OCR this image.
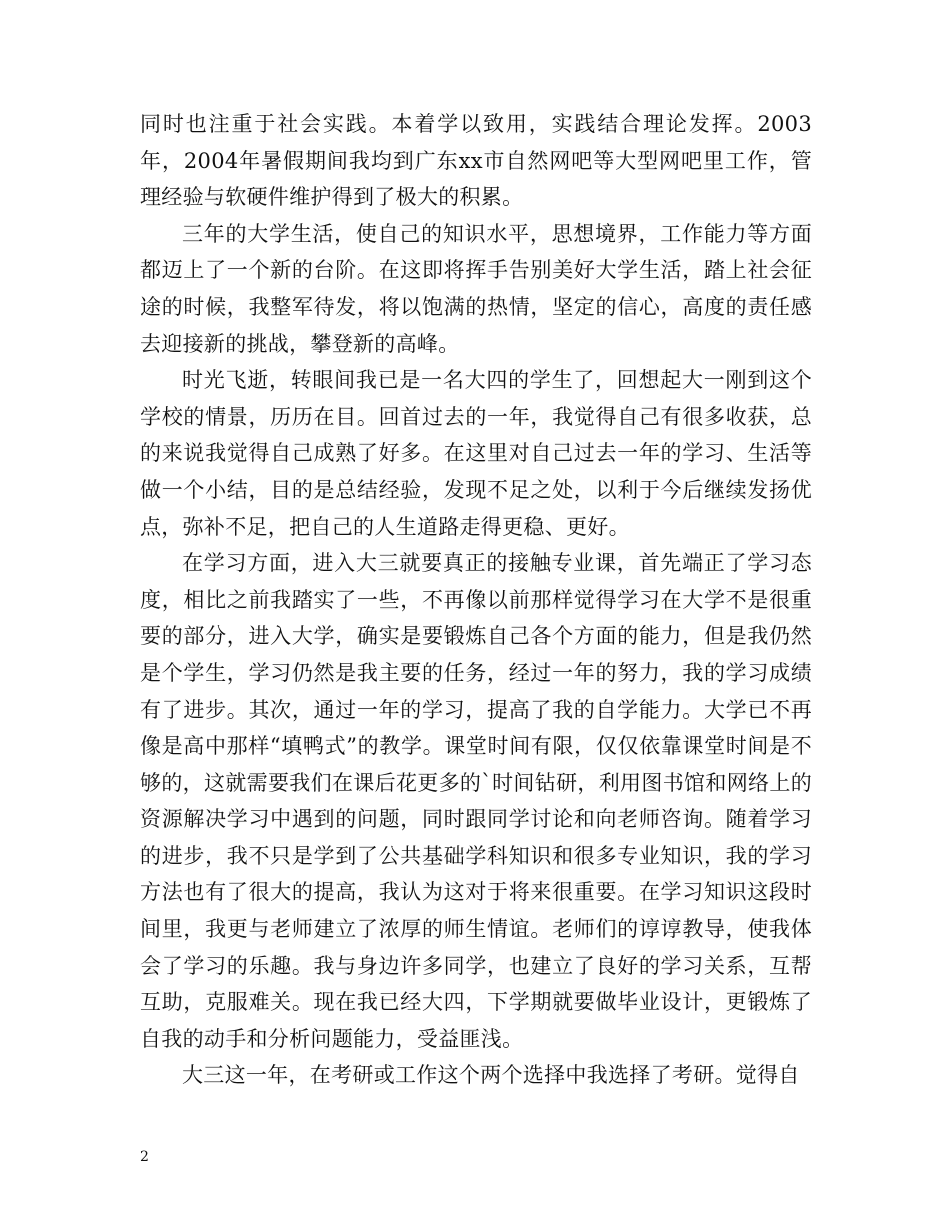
同时也注重于社会实践。本着学以致用，实践结合理论发挥。2003年，2004年暑假期间我均到广东xx市自然网吧等大型网吧里工作，管理经验与软硬件维护得到了极大的积累。

三年的大学生活，使自己的知识水平，思想境界，工作能力等方面都迈上了一个新的台阶。在这即将挥手告别美好大学生活，踏上社会征途的时候，我整军待发，将以饱满的热情，坚定的信心，高度的责任感去迎接新的挑战，攀登新的高峰。

时光飞逝，转眼间我已是一名大四的学生了，回想起大一刚到这个学校的情景，历历在目。回首过去的一年，我觉得自己有很多收获，总的来说我觉得自己成熟了好多。在这里对自己过去一年的学习、生活等做一个小结，目的是总结经验，发现不足之处，以利于今后继续发扬优点，弥补不足，把自己的人生道路走得更稳、更好。

在学习方面，进入大三就要真正的接触专业课，首先端正了学习态度，相比之前我踏实了一些，不再像以前那样觉得学习在大学不是很重要的部分，进入大学，确实是要锻炼自己各个方面的能力，但是我仍然是个学生，学习仍然是我主要的任务，经过一年的努力，我的学习成绩有了进步。其次，通过一年的学习，提高了我的自学能力。大学已不再像是高中那样“填鸭式”的教学。课堂时间有限，仅仅依靠课堂时间是不够的，这就需要我们在课后花更多的`时间钻研，利用图书馆和网络上的资源解决学习中遇到的问题，同时跟同学讨论和向老师咨询。随着学习的进步，我不只是学到了公共基础学科知识和很多专业知识，我的学习方法也有了很大的提高，我认为这对于将来很重要。在学习知识这段时间里，我更与老师建立了浓厚的师生情谊。老师们的谆谆教导，使我体会了学习的乐趣。我与身边许多同学，也建立了良好的学习关系，互帮互助，克服难关。现在我已经大四，下学期就要做毕业设计，更锻炼了自我的动手和分析问题能力，受益匪浅。

大三这一年，在考研或工作这个两个选择中我选择了考研。觉得自

2
